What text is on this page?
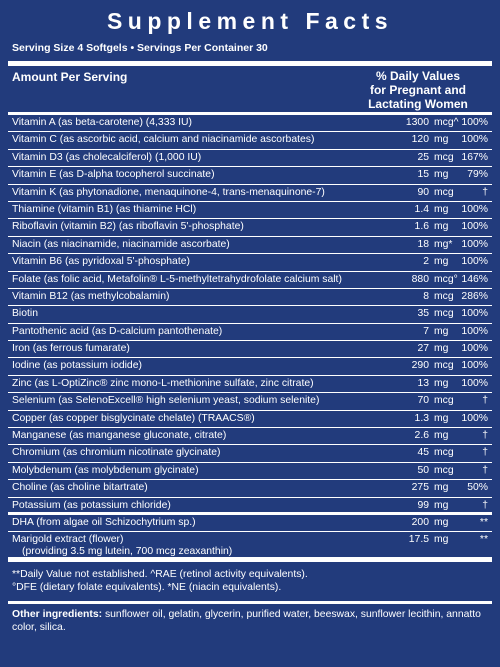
Supplement Facts
Serving Size 4 Softgels • Servings Per Container 30
Amount Per Serving	% Daily Values
for Pregnant and
Lactating Women
Vitamin A (as beta-carotene) (4,333 IU)	1300 mcg^ 100%
Vitamin C (as ascorbic acid, calcium and niacinamide ascorbates)	120 mg 100%
Vitamin D3 (as cholecalciferol) (1,000 IU)	25 mcg 167%
Vitamin E (as D-alpha tocopherol succinate)	15 mg 79%
Vitamin K (as phytonadione, menaquinone-4, trans-menaquinone-7)	90 mcg	†
Thiamine (vitamin B1) (as thiamine HCl)	1.4 mg 100%
Riboflavin (vitamin B2) (as riboflavin 5'-phosphate)	1.6 mg 100%
Niacin (as niacinamide, niacinamide ascorbate)	18 mg* 100%
Vitamin B6 (as pyridoxal 5'-phosphate)	2 mg 100%
Folate (as folic acid, Metafolin® L-5-methyltetrahydrofolate calcium salt)	880 mcg° 146%
Vitamin B12 (as methylcobalamin)	8 mcg 286%
Biotin	35 mcg 100%
Pantothenic acid (as D-calcium pantothenate)	7 mg 100%
Iron (as ferrous fumarate)	27 mg 100%
Iodine (as potassium iodide)	290 mcg 100%
Zinc (as L-OptiZinc® zinc mono-L-methionine sulfate, zinc citrate)	13 mg 100%
Selenium (as SelenoExcell® high selenium yeast, sodium selenite)	70 mcg	†
Copper (as copper bisglycinate chelate) (TRAACS®)	1.3 mg 100%
Manganese (as manganese gluconate, citrate)	2.6 mg	†
Chromium (as chromium nicotinate glycinate)	45 mcg	†
Molybdenum (as molybdenum glycinate)	50 mcg	†
Choline (as choline bitartrate)	275 mg 50%
Potassium (as potassium chloride)	99 mg	†
DHA (from algae oil Schizochytrium sp.)	200 mg	**
Marigold extract (flower)
(providing 3.5 mg lutein, 700 mcg zeaxanthin)
17.5 mg	**
**Daily Value not established. ^RAE (retinol activity equivalents).
°DFE (dietary folate equivalents). *NE (niacin equivalents).
Other ingredients: sunflower oil, gelatin, glycerin, purified water, beeswax, sunflower lecithin, annatto color, silica.
